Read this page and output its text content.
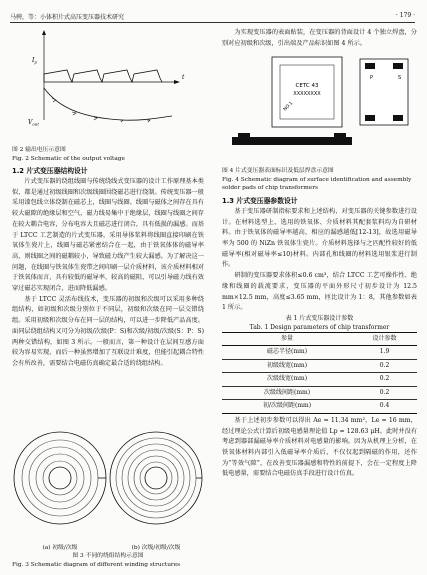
马骋，等：小体积片式高压变压器技术研究	· 179 ·
$I_p$
t
$V_{out}$
图 2 输出电压示意图
Fig. 2 Schematic of the output voltage
1.2 片式变压器结构设计

片式变压器的绕组线圈与传统绕线式变压器的设计工作原理基本类似，都是通过初级线圈和次级线圈围绕磁芯进行绕制。传统变压器一般采用漆包线立体绕制在磁芯上，线圈与线圈、线圈与磁体之间存在具有较大磁隙的绝缘层和空气，磁力线易集中于绝缘层，线圈与线圈之间存在较大耦合电容，分布电容大且磁芯进行闭合，具有低损的漏感。而基于 LTCC 工艺制造的片式变压器，采用导体浆料将线圈直接印刷在铁氧体生瓷片上，线圈与磁芯紧密结合在一起，由于铁氧体体的磁导率高，则线圈之间的磁耦较小，导致磁力线产生较大漏感。为了解决这一问题，在线圈与铁氧体生瓷带之间印刷一层介质材料，该介质材料相对于铁氧体而言，具有较低的磁导率、较高的磁阻，可以引导磁力线有效穿过磁芯实现闭合，进而降低漏感。

基于 LTCC 灵活布线技术，变压器的初级和次级可以采用多种绕组结构，如初级和次级分别位于不同层，初级和次级在同一层交错绕组。采用初级和次级分布在同一层的结构，可以进一步降低产品高度。面同层绕组结构又可分为初级/次级(P：S)和次级/初级/次级(S：P：S)两种交错结构，如图 3 所示。一般而言，第一种设计在层间互感方面较为容易实现，而后一种虽然增加了互联设计难度，但能引起耦合特性会有所改善，需要结合电磁仿真确定最合适的绕组结构。

(a) 初级/次级	(b) 次级/初级/次级
图 3 不同的绕组结构示意图
Fig. 3 Schematic diagram of different winding structures

为实现变压器的表面贴装，在变压器的背面设计 4 个独立焊盘，分别对应初级和次级，引出端及产品标识如图 4 所示。

CETC 43
XXXXXXXX
NO.1
P	S
图 4 片式变压器表面标识及低层焊盘示意图
Fig. 4 Schematic diagram of surface identification and assembly
solder pads of chip transformers
1.3 片式变压器参数设计

基于变压器研制指标要求和上述结构，对变压器的关键参数进行设计。在材料选型上，选用的铁氧体、介质材料其配套浆料均为自研材料。由于铁氧体的磁导率越高，相应的漏感越低[12-13]，故选用磁导率为 500 的 NiZn 铁氧体生瓷片。介质材料选择与之匹配性较好的低磁导率(相对磁导率≤10)材料。内部孔和线圈的材料选用银浆进行制作。

研制的变压器要求体积≤0.6 cm³，结合 LTCC 工艺可操作性、绝缘和线圈的载流要求，变压器的平面外形尺寸初步设计为 12.5 mm×12.5 mm，高度≤3.65 mm，匝比设计为 1：8，其他参数如表 1 所示。

表 1 片式变压器设计参数
Tab. 1 Design parameters of chip transformer
参量	设计参数
磁芯半径(mm)	1.9
初级线宽(mm)	0.2
次级线宽(mm)	0.2
次级线间距(mm)	0.2
初/次级间距(mm)	0.4

基于上述初步参数可以得出 Ae = 11.34 mm²，Le = 16 mm，经过理论公式计算后初级电感量理论值 Lp = 128.63 μH。此时并没有考虑到器部漏磁导率介质材料对电感量的影响。因为从机理上分析，在铁氧体材料内部引入低磁导率介质后，不仅仅起到隔磁的作用，还作为“等效气隙”，在改善变压器漏感和特性的前提下，会在一定程度上降低电感量，需要结合电磁仿真手段进行设计仿真。
